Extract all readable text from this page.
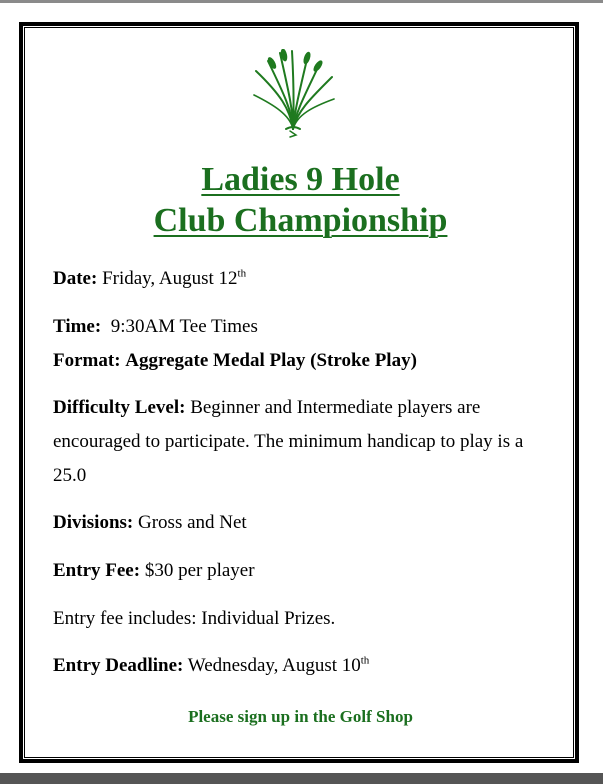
Ladies 9 Hole
Club Championship
Date: Friday, August 12th
Time: 9:30AM Tee Times
Format: Aggregate Medal Play (Stroke Play)
Difficulty Level: Beginner and Intermediate players are
encouraged to participate. The minimum handicap to play is a
25.0
Divisions: Gross and Net
Entry Fee: $30 per player
Entry fee includes: Individual Prizes.
Entry Deadline: Wednesday, August 10th
Please sign up in the Golf Shop
